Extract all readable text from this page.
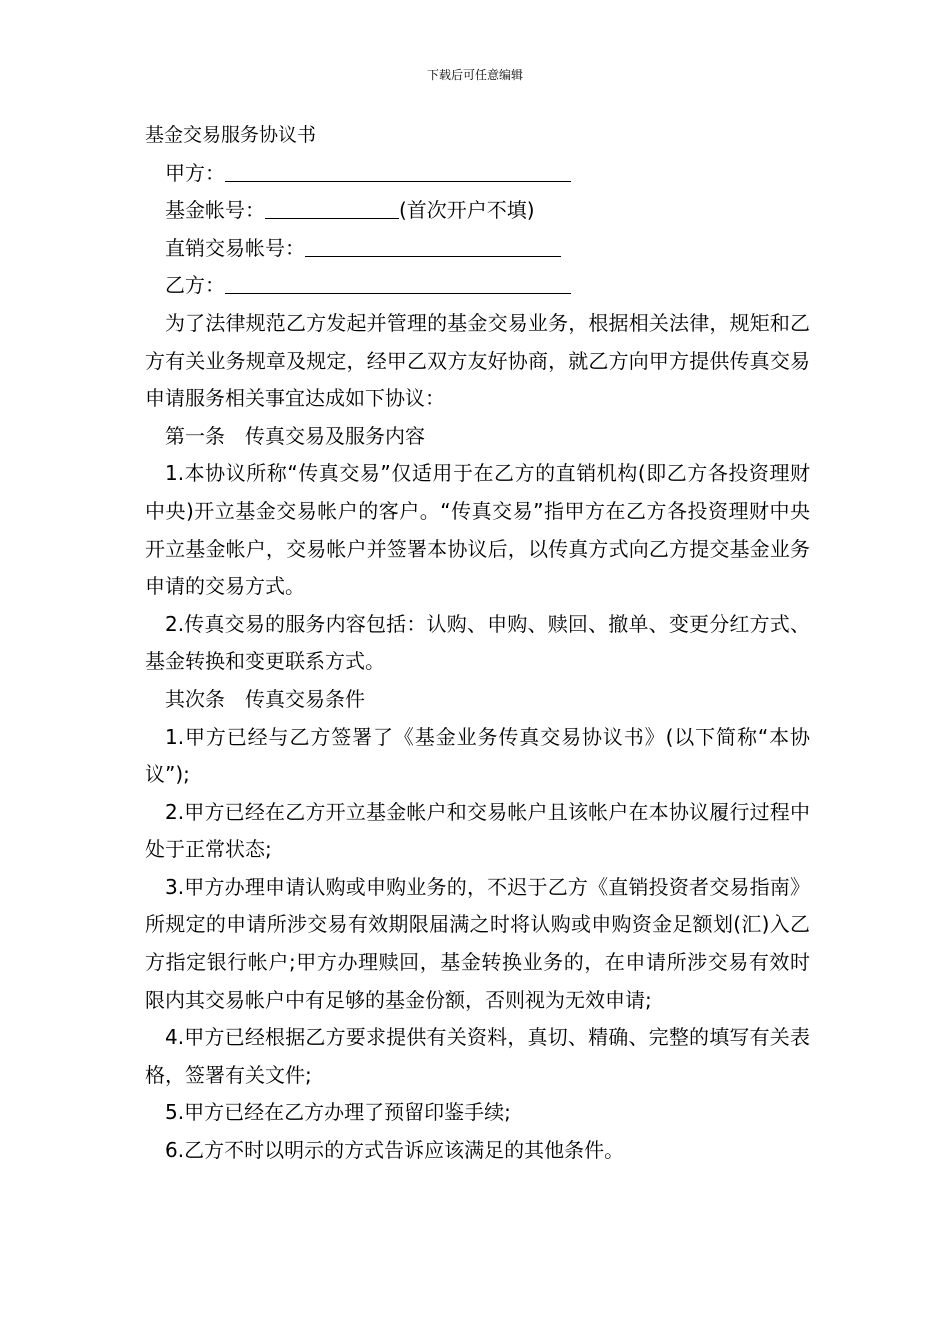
下载后可任意编辑
基金交易服务协议书
甲方：
基金帐号：	(首次开户不填)
直销交易帐号：
乙方：

为了法律规范乙方发起并管理的基金交易业务，根据相关法律，规矩和乙方有关业务规章及规定，经甲乙双方友好协商，就乙方向甲方提供传真交易申请服务相关事宜达成如下协议：

第一条　传真交易及服务内容

1.本协议所称“传真交易”仅适用于在乙方的直销机构(即乙方各投资理财中央)开立基金交易帐户的客户。“传真交易”指甲方在乙方各投资理财中央开立基金帐户，交易帐户并签署本协议后，以传真方式向乙方提交基金业务申请的交易方式。

2.传真交易的服务内容包括：认购、申购、赎回、撤单、变更分红方式、基金转换和变更联系方式。

其次条　传真交易条件

1.甲方已经与乙方签署了《基金业务传真交易协议书》(以下简称“本协议”);

2.甲方已经在乙方开立基金帐户和交易帐户且该帐户在本协议履行过程中处于正常状态;

3.甲方办理申请认购或申购业务的，不迟于乙方《直销投资者交易指南》所规定的申请所涉交易有效期限届满之时将认购或申购资金足额划(汇)入乙方指定银行帐户;甲方办理赎回，基金转换业务的，在申请所涉交易有效时限内其交易帐户中有足够的基金份额，否则视为无效申请;

4.甲方已经根据乙方要求提供有关资料，真切、精确、完整的填写有关表格，签署有关文件;

5.甲方已经在乙方办理了预留印鉴手续;

6.乙方不时以明示的方式告诉应该满足的其他条件。
